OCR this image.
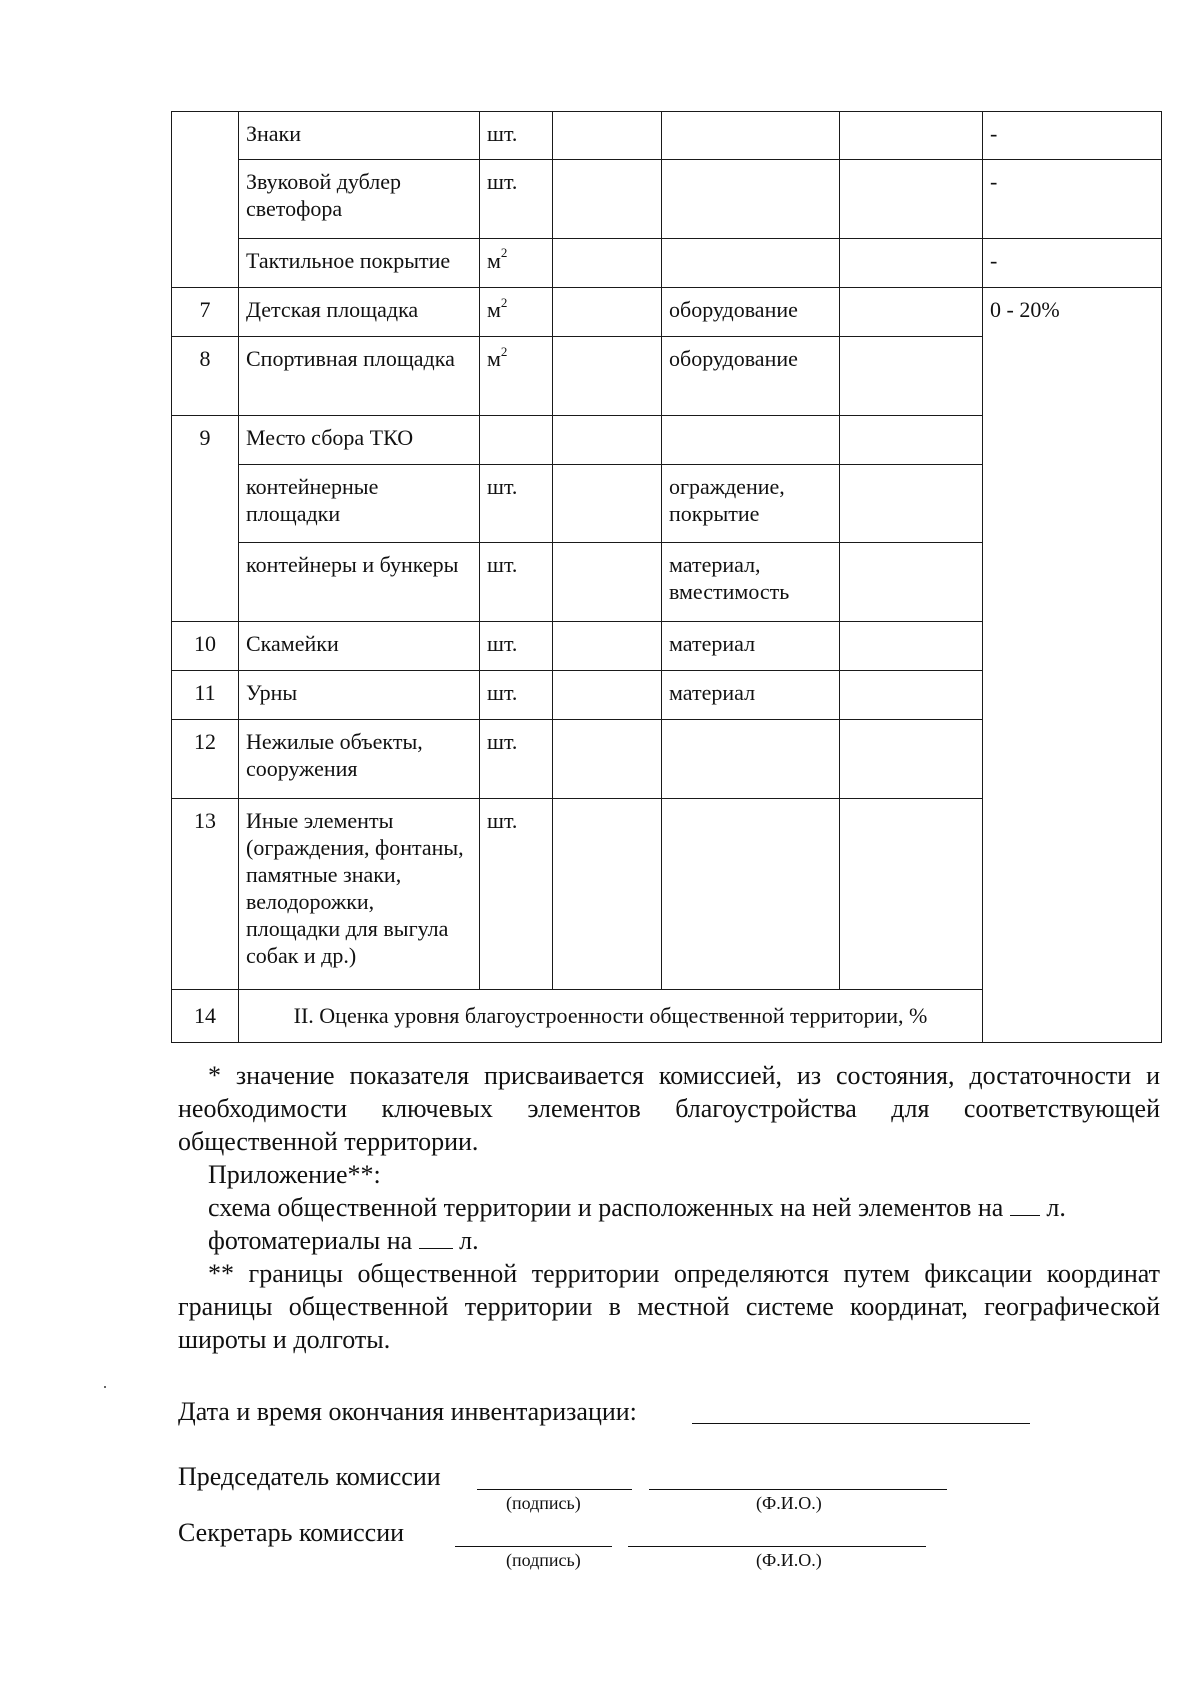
	Знаки	шт.				-	
	Звуковой дублер светофора	шт.				-	
	Тактильное покрытие	$м^2$				-	
7	Детская площадка	$м^2$		оборудование		0 - 20%	
8	Спортивная площадка	$м^2$		оборудование			
9	Место сбора ТКО						
	контейнерные площадки	шт.		ограждение, покрытие			
	контейнеры и бункеры	шт.		материал, вместимость			
10	Скамейки	шт.		материал			
11	Урны	шт.		материал			
12	Нежилые объекты, сооружения	шт.					
13	Иные элементы (ограждения, фонтаны, памятные знаки, велодорожки, площадки для выгула собак и др.)	шт.					
14	II. Оценка уровня благоустроенности общественной территории, %						
* значение показателя присваивается комиссией, из состояния, достаточности и необходимости ключевых элементов благоустройства для соответствующей общественной территории.
Приложение**:
схема общественной территории и расположенных на ней элементов на л.
фотоматериалы на л.
** границы общественной территории определяются путем фиксации координат границы общественной территории в местной системе координат, географической широты и долготы.
Дата и время окончания инвентаризации:
Председатель комиссии
(подпись)	(Ф.И.О.)
Секретарь комиссии
(подпись)	(Ф.И.О.)
